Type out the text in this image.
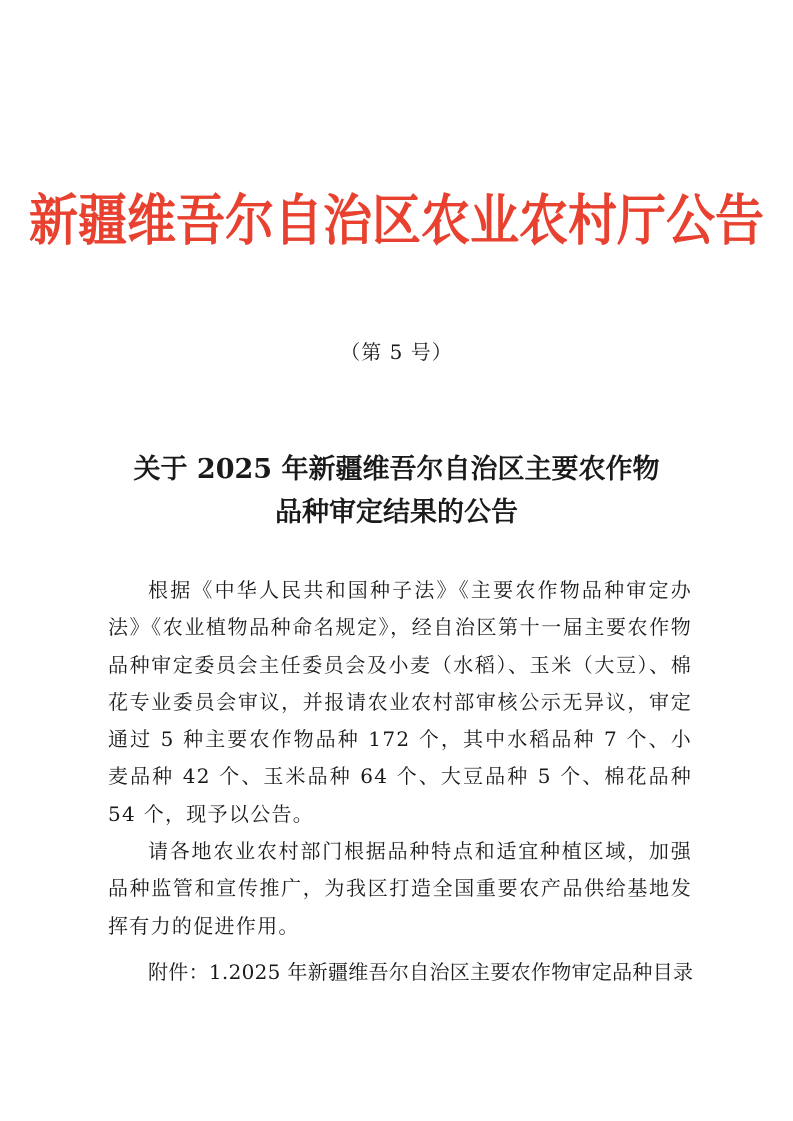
新疆维吾尔自治区农业农村厅公告
（第 5 号）
关于 2025 年新疆维吾尔自治区主要农作物
品种审定结果的公告

根据《中华人民共和国种子法》《主要农作物品种审定办法》《农业植物品种命名规定》，经自治区第十一届主要农作物品种审定委员会主任委员会及小麦（水稻）、玉米（大豆）、棉花专业委员会审议，并报请农业农村部审核公示无异议，审定通过 5 种主要农作物品种 172 个，其中水稻品种 7 个、小麦品种 42 个、玉米品种 64 个、大豆品种 5 个、棉花品种 54 个，现予以公告。

请各地农业农村部门根据品种特点和适宜种植区域，加强品种监管和宣传推广，为我区打造全国重要农产品供给基地发挥有力的促进作用。

附件：1.2025 年新疆维吾尔自治区主要农作物审定品种目录
